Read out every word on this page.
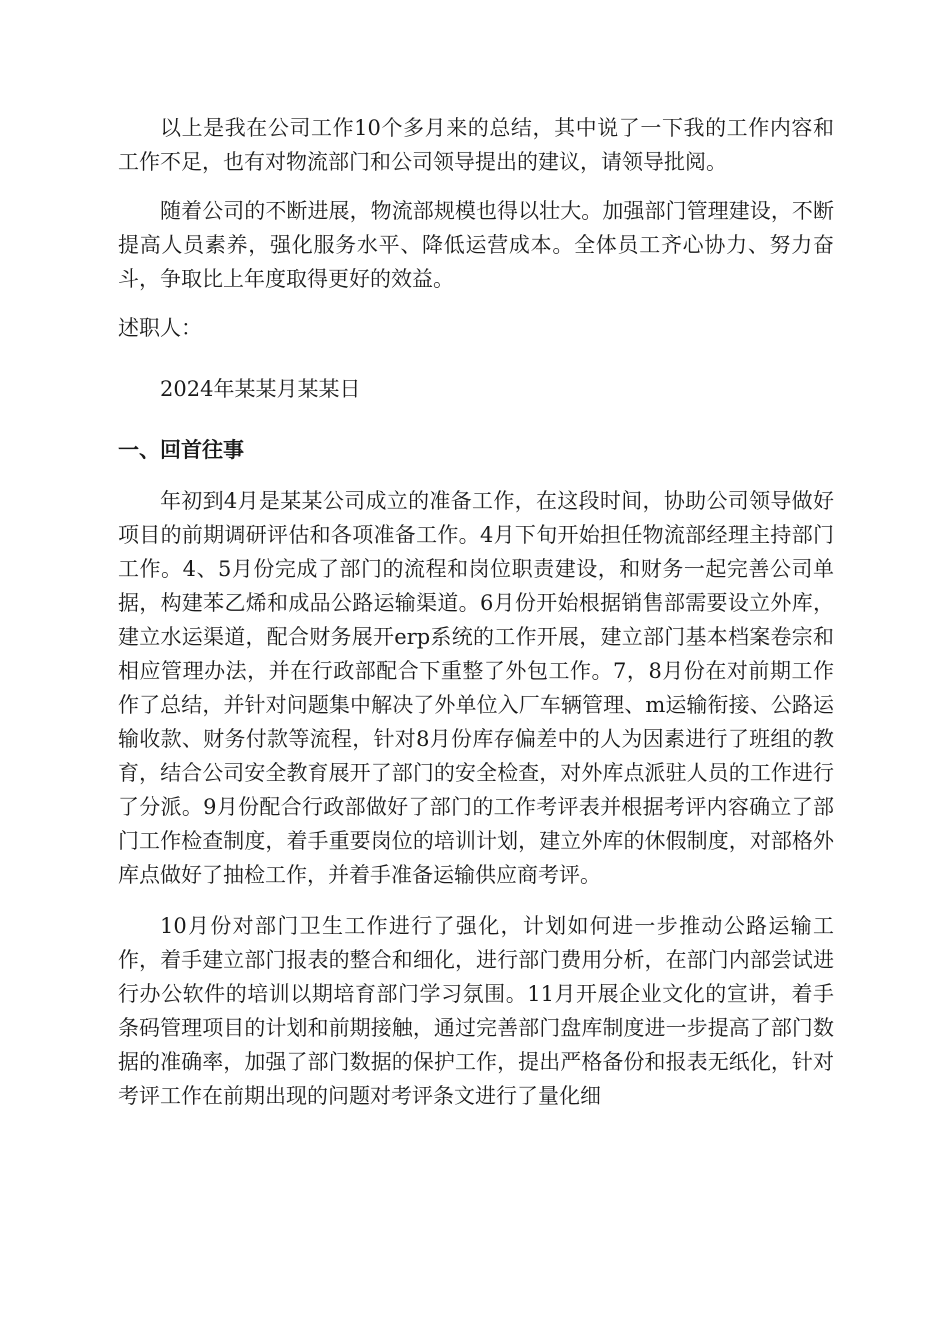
以上是我在公司工作10个多月来的总结，其中说了一下我的工作内容和工作不足，也有对物流部门和公司领导提出的建议，请领导批阅。

随着公司的不断进展，物流部规模也得以壮大。加强部门管理建设，不断提高人员素养，强化服务水平、降低运营成本。全体员工齐心协力、努力奋斗，争取比上年度取得更好的效益。

述职人：

2024年某某月某某日

一、回首往事

年初到4月是某某公司成立的准备工作，在这段时间，协助公司领导做好项目的前期调研评估和各项准备工作。4月下旬开始担任物流部经理主持部门工作。4、5月份完成了部门的流程和岗位职责建设，和财务一起完善公司单据，构建苯乙烯和成品公路运输渠道。6月份开始根据销售部需要设立外库，建立水运渠道，配合财务展开erp系统的工作开展，建立部门基本档案卷宗和相应管理办法，并在行政部配合下重整了外包工作。7，8月份在对前期工作作了总结，并针对问题集中解决了外单位入厂车辆管理、m运输衔接、公路运输收款、财务付款等流程，针对8月份库存偏差中的人为因素进行了班组的教育，结合公司安全教育展开了部门的安全检查，对外库点派驻人员的工作进行了分派。9月份配合行政部做好了部门的工作考评表并根据考评内容确立了部门工作检查制度，着手重要岗位的培训计划，建立外库的休假制度，对部格外库点做好了抽检工作，并着手准备运输供应商考评。

10月份对部门卫生工作进行了强化，计划如何进一步推动公路运输工作，着手建立部门报表的整合和细化，进行部门费用分析，在部门内部尝试进行办公软件的培训以期培育部门学习氛围。11月开展企业文化的宣讲，着手条码管理项目的计划和前期接触，通过完善部门盘库制度进一步提高了部门数据的准确率，加强了部门数据的保护工作，提出严格备份和报表无纸化，针对考评工作在前期出现的问题对考评条文进行了量化细
